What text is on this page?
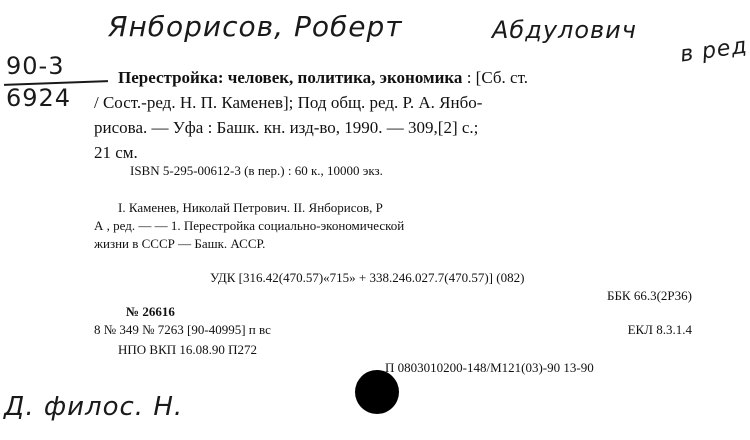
Янборисов, Роберт	Абдулович
в ред
90-3
6924
Перестройка: человек, политика, экономика : [Сб. ст.
/ Сост.-ред. Н. П. Каменев]; Под общ. ред. Р. А. Янбо-
рисова. — Уфа : Башк. кн. изд-во, 1990. — 309,[2] с.;
21 см.
ISBN 5-295-00612-3 (в пер.) : 60 к., 10000 экз.
I. Каменев, Николай Петрович. II. Янборисов, Р
А , ред. — — 1. Перестройка социально-экономической
жизни в СССР — Башк. АССР.
УДК [316.42(470.57)«715» + 338.246.027.7(470.57)] (082)
ББК 66.3(2Р36)
№ 26616
8 № 349 № 7263 [90-40995] п вс	ЕКЛ 8.3.1.4
НПО ВКП 16.08.90 П272
П 0803010200-148/М121(03)-90 13-90
Д. филос. Н.
